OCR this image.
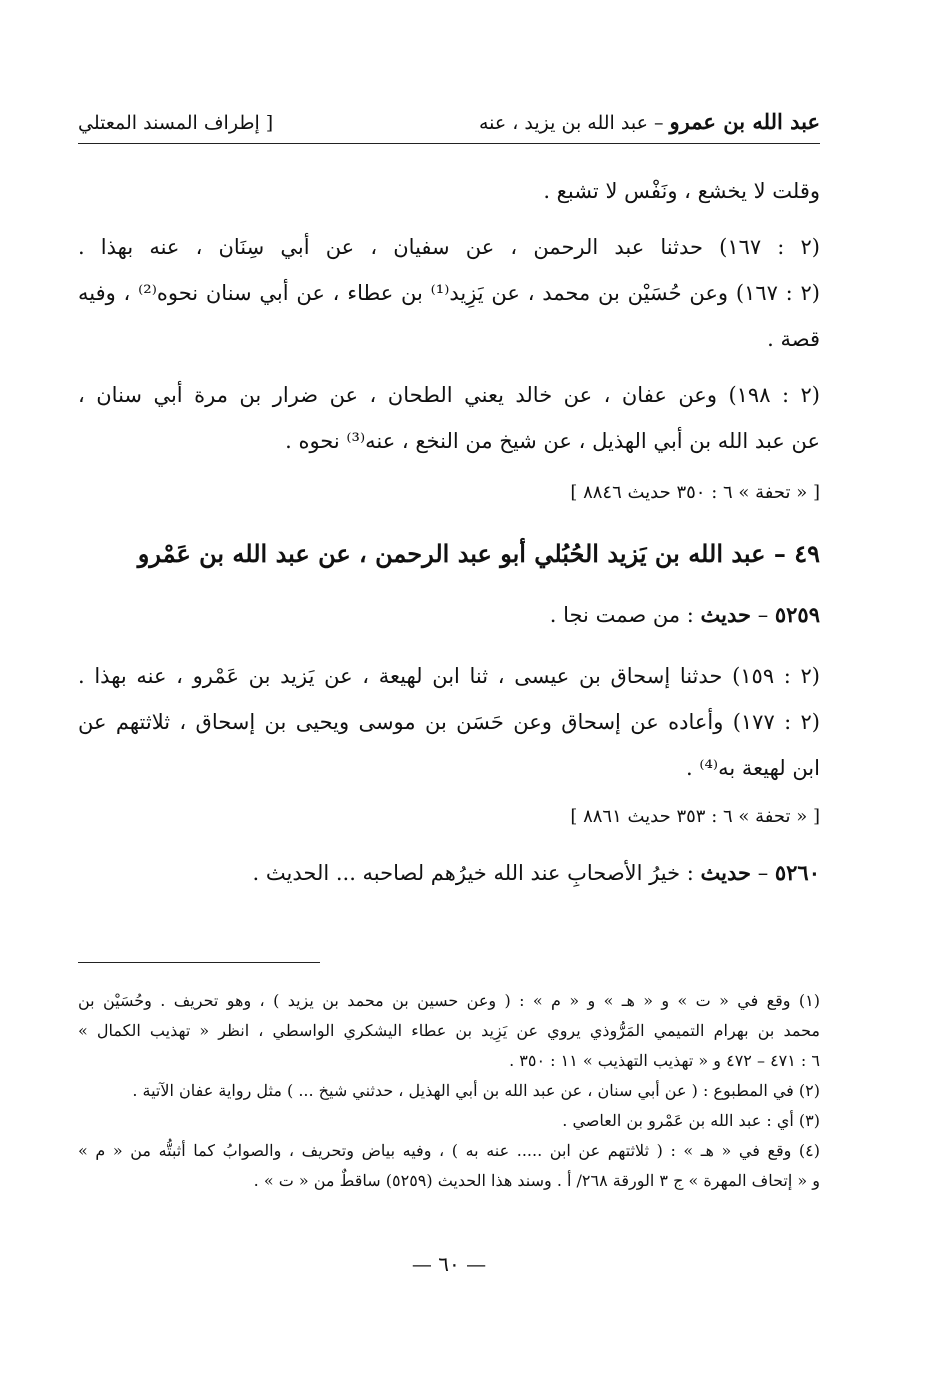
عبد الله بن عمرو – عبد الله بن يزيد ، عنه
[ إطراف المسند المعتلي
وقلت لا يخشع ، ونَفْس لا تشبع .
(٢ : ١٦٧) حدثنا عبد الرحمن ، عن سفيان ، عن أبي سِنَان ، عنه بهذا .
(٢ : ١٦٧) وعن حُسَيْن بن محمد ، عن يَزِيد⁽¹⁾ بن عطاء ، عن أبي سنان نحوه⁽²⁾ ، وفيه
قصة .
(٢ : ١٩٨) وعن عفان ، عن خالد يعني الطحان ، عن ضرار بن مرة أبي سنان ،
عن عبد الله بن أبي الهذيل ، عن شيخ من النخع ، عنه⁽³⁾ نحوه .
[ « تحفة » ٦ : ٣٥٠ حديث ٨٨٤٦ ]
٤٩ – عبد الله بن يَزيد الحُبُلي أبو عبد الرحمن ، عن عبد الله بن عَمْرو
٥٢٥٩ – حديث : من صمت نجا .
(٢ : ١٥٩) حدثنا إسحاق بن عيسى ، ثنا ابن لهيعة ، عن يَزيد بن عَمْرو ، عنه بهذا .
(٢ : ١٧٧) وأعاده عن إسحاق وعن حَسَن بن موسى ويحيى بن إسحاق ، ثلاثتهم عن
ابن لهيعة به⁽⁴⁾ .
[ « تحفة » ٦ : ٣٥٣ حديث ٨٨٦١ ]
٥٢٦٠ – حديث : خيرُ الأصحابِ عند الله خيرُهم لصاحبه ... الحديث .
(١) وقع في « ت » و « هـ » و « م » : ( وعن حسين بن محمد بن يزيد ) ، وهو تحريف . وحُسَيْن بن
محمد بن بهرام التميمي المَرُّوذي يروي عن يَزِيد بن عطاء اليشكري الواسطي ، انظر « تهذيب الكمال »
٦ : ٤٧١ – ٤٧٢ و « تهذيب التهذيب » ١١ : ٣٥٠ .
(٢) في المطبوع : ( عن أبي سنان ، عن عبد الله بن أبي الهذيل ، حدثني شيخ ... ) مثل رواية عفان الآتية .
(٣) أي : عبد الله بن عَمْرو بن العاصي .
(٤) وقع في « هـ » : ( ثلاثتهم عن ابن ..... عنه به ) ، وفيه بياض وتحريف ، والصوابُ كما أثبتُّه من « م »
و « إتحاف المهرة » ج ٣ الورقة ٢٦٨/ أ . وسند هذا الحديث (٥٢٥٩) ساقطٌ من « ت » .
— ٦٠ —
